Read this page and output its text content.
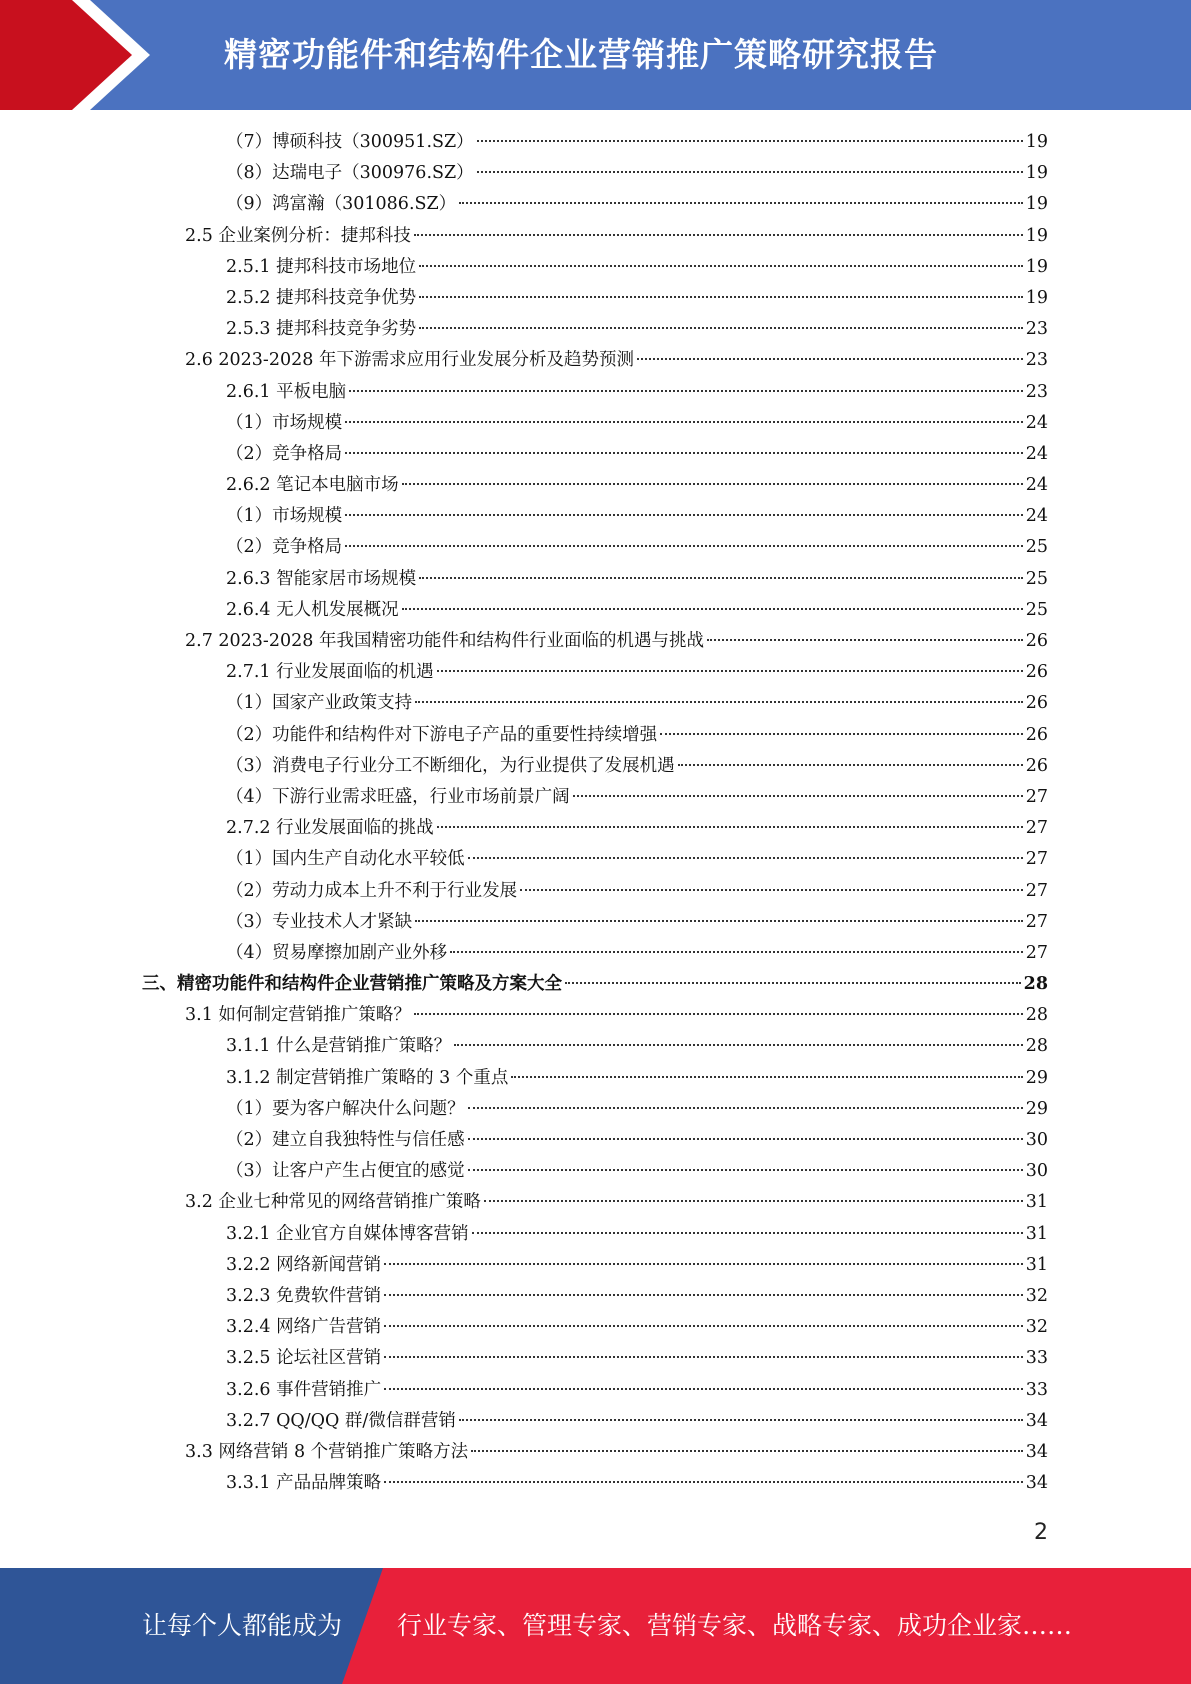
精密功能件和结构件企业营销推广策略研究报告
（7）博硕科技（300951.SZ）	19
（8）达瑞电子（300976.SZ）	19
（9）鸿富瀚（301086.SZ）	19
2.5 企业案例分析：捷邦科技	19
2.5.1 捷邦科技市场地位	19
2.5.2 捷邦科技竞争优势	19
2.5.3 捷邦科技竞争劣势	23
2.6 2023-2028 年下游需求应用行业发展分析及趋势预测	23
2.6.1 平板电脑	23
（1）市场规模	24
（2）竞争格局	24
2.6.2 笔记本电脑市场	24
（1）市场规模	24
（2）竞争格局	25
2.6.3 智能家居市场规模	25
2.6.4 无人机发展概况	25
2.7 2023-2028 年我国精密功能件和结构件行业面临的机遇与挑战	26
2.7.1 行业发展面临的机遇	26
（1）国家产业政策支持	26
（2）功能件和结构件对下游电子产品的重要性持续增强	26
（3）消费电子行业分工不断细化，为行业提供了发展机遇	26
（4）下游行业需求旺盛，行业市场前景广阔	27
2.7.2 行业发展面临的挑战	27
（1）国内生产自动化水平较低	27
（2）劳动力成本上升不利于行业发展	27
（3）专业技术人才紧缺	27
（4）贸易摩擦加剧产业外移	27
三、精密功能件和结构件企业营销推广策略及方案大全	28
3.1 如何制定营销推广策略？	28
3.1.1 什么是营销推广策略？	28
3.1.2 制定营销推广策略的 3 个重点	29
（1）要为客户解决什么问题？	29
（2）建立自我独特性与信任感	30
（3）让客户产生占便宜的感觉	30
3.2 企业七种常见的网络营销推广策略	31
3.2.1 企业官方自媒体博客营销	31
3.2.2 网络新闻营销	31
3.2.3 免费软件营销	32
3.2.4 网络广告营销	32
3.2.5 论坛社区营销	33
3.2.6 事件营销推广	33
3.2.7 QQ/QQ 群/微信群营销	34
3.3 网络营销 8 个营销推广策略方法	34
3.3.1 产品品牌策略	34
2
让每个人都能成为 行业专家、管理专家、营销专家、战略专家、成功企业家……
